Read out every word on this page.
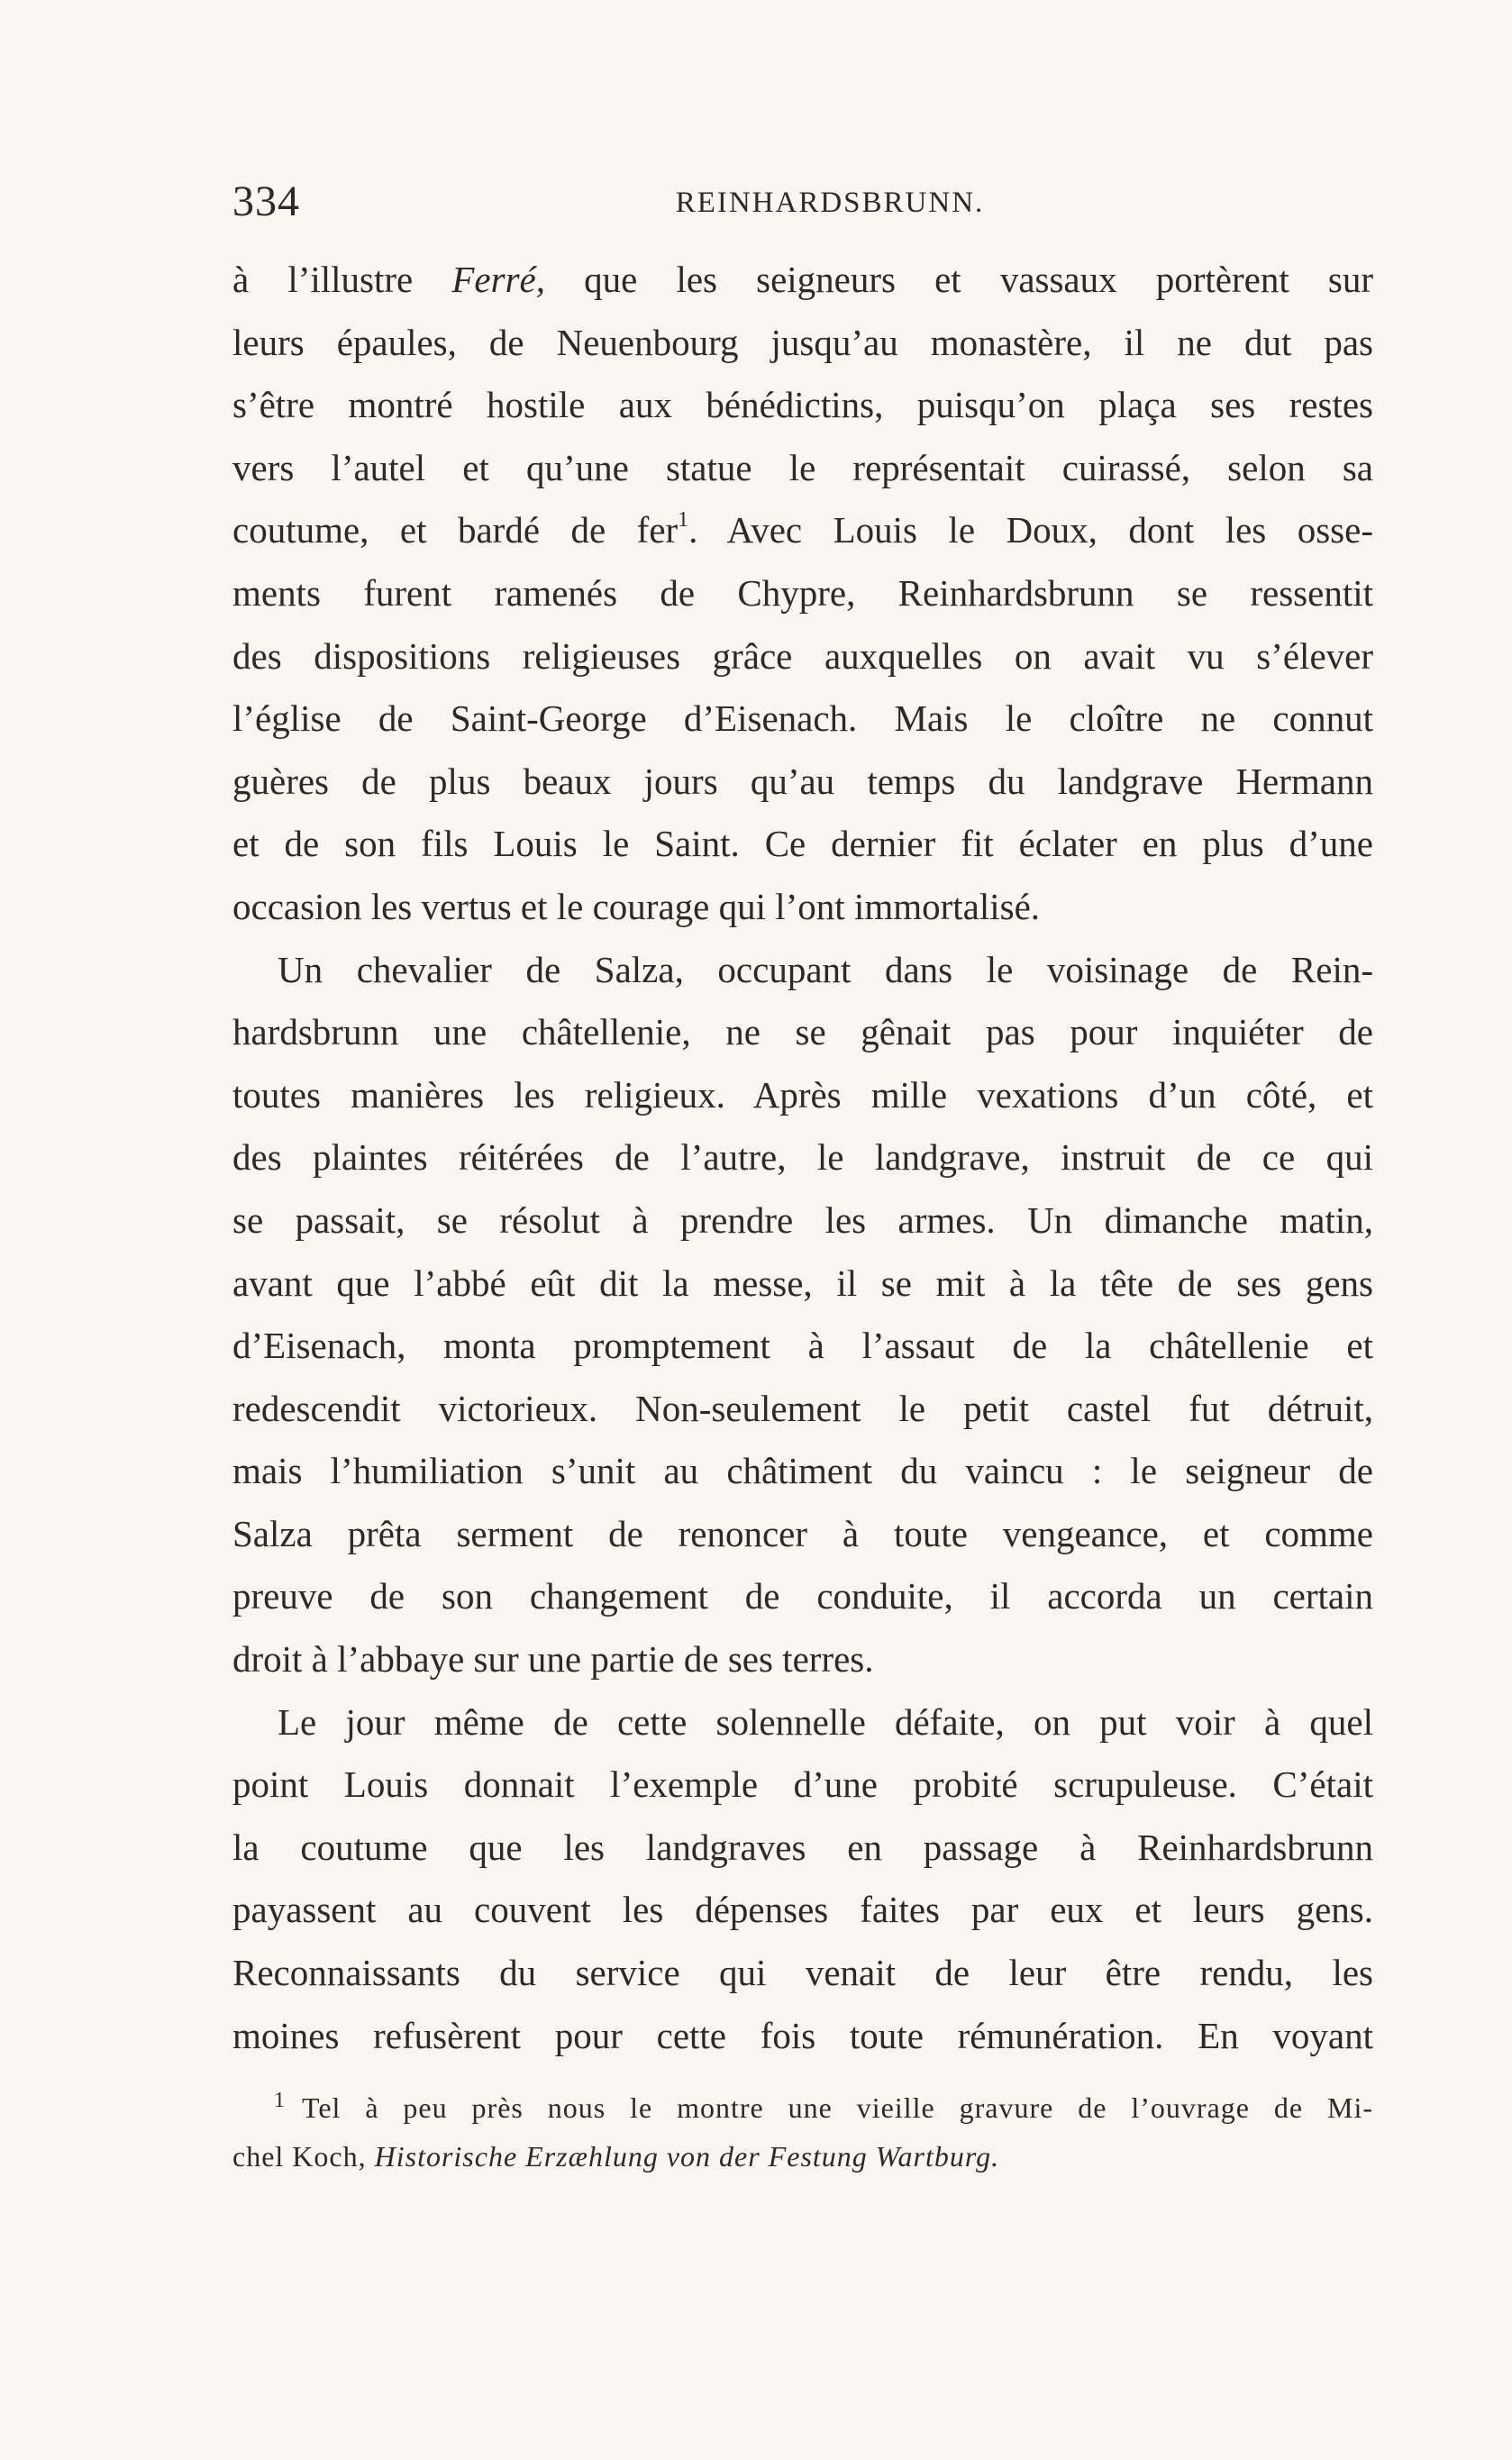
334	REINHARDSBRUNN.
à l’illustre Ferré, que les seigneurs et vassaux portèrent sur
leurs épaules, de Neuenbourg jusqu’au monastère, il ne dut pas
s’être montré hostile aux bénédictins, puisqu’on plaça ses restes
vers l’autel et qu’une statue le représentait cuirassé, selon sa
coutume, et bardé de fer$^1$. Avec Louis le Doux, dont les osse-
ments furent ramenés de Chypre, Reinhardsbrunn se ressentit
des dispositions religieuses grâce auxquelles on avait vu s’élever
l’église de Saint-George d’Eisenach. Mais le cloître ne connut
guères de plus beaux jours qu’au temps du landgrave Hermann
et de son fils Louis le Saint. Ce dernier fit éclater en plus d’une
occasion les vertus et le courage qui l’ont immortalisé.
Un chevalier de Salza, occupant dans le voisinage de Rein-
hardsbrunn une châtellenie, ne se gênait pas pour inquiéter de
toutes manières les religieux. Après mille vexations d’un côté, et
des plaintes réitérées de l’autre, le landgrave, instruit de ce qui
se passait, se résolut à prendre les armes. Un dimanche matin,
avant que l’abbé eût dit la messe, il se mit à la tête de ses gens
d’Eisenach, monta promptement à l’assaut de la châtellenie et
redescendit victorieux. Non-seulement le petit castel fut détruit,
mais l’humiliation s’unit au châtiment du vaincu : le seigneur de
Salza prêta serment de renoncer à toute vengeance, et comme
preuve de son changement de conduite, il accorda un certain
droit à l’abbaye sur une partie de ses terres.
Le jour même de cette solennelle défaite, on put voir à quel
point Louis donnait l’exemple d’une probité scrupuleuse. C’était
la coutume que les landgraves en passage à Reinhardsbrunn
payassent au couvent les dépenses faites par eux et leurs gens.
Reconnaissants du service qui venait de leur être rendu, les
moines refusèrent pour cette fois toute rémunération. En voyant
$^1$ Tel à peu près nous le montre une vieille gravure de l’ouvrage de Mi-
chel Koch, Historische Erzæhlung von der Festung Wartburg.
